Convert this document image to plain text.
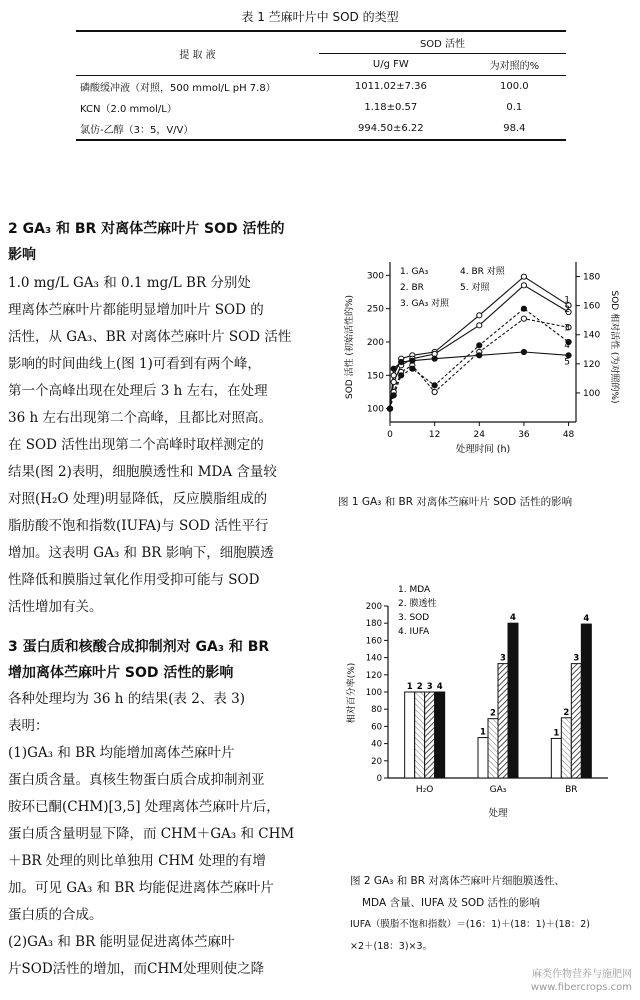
表 1 苎麻叶片中 SOD 的类型
提 取 液	SOD 活性	
	U/g FW	为对照的%
磷酸缓冲液（对照，500 mmol/L pH 7.8）	1011.02±7.36	100.0
KCN（2.0 mmol/L）	1.18±0.57	0.1
氯仿-乙醇（3：5，V/V）	994.50±6.22	98.4
2 GA₃ 和 BR 对离体苎麻叶片 SOD 活性的
影响
1.0 mg/L GA₃ 和 0.1 mg/L BR 分别处
理离体苎麻叶片都能明显增加叶片 SOD 的
活性，从 GA₃、BR 对离体苎麻叶片 SOD 活性
影响的时间曲线上(图 1)可看到有两个峰，
第一个高峰出现在处理后 3 h 左右，在处理
36 h 左右出现第二个高峰，且都比对照高。
在 SOD 活性出现第二个高峰时取样测定的
结果(图 2)表明，细胞膜透性和 MDA 含量较
对照(H₂O 处理)明显降低，反应膜脂组成的
脂肪酸不饱和指数(IUFA)与 SOD 活性平行
增加。这表明 GA₃ 和 BR 影响下，细胞膜透
性降低和膜脂过氧化作用受抑可能与 SOD
活性增加有关。
3 蛋白质和核酸合成抑制剂对 GA₃ 和 BR
增加离体苎麻叶片 SOD 活性的影响
各种处理均为 36 h 的结果(表 2、表 3)
表明：
(1)GA₃ 和 BR 均能增加离体苎麻叶片
蛋白质含量。真核生物蛋白质合成抑制剂亚
胺环已酮(CHM)[3,5] 处理离体苎麻叶片后，
蛋白质含量明显下降，而 CHM＋GA₃ 和 CHM
＋BR 处理的则比单独用 CHM 处理的有增
加。可见 GA₃ 和 BR 均能促进离体苎麻叶片
蛋白质的合成。
(2)GA₃ 和 BR 能明显促进离体苎麻叶
片SOD活性的增加，而CHM处理则使之降
0	12	24	36	48
100
150
200
250
300
100
120
140
160
180
1
2
3
4
5
SOD 活性 (初始活性的%)	SOD 相对活性 (为对照的%)
处理时间 (h)
1. GA₃
2. BR
3. GA₃ 对照
4. BR 对照
5. 对照
图 1 GA₃ 和 BR 对离体苎麻叶片 SOD 活性的影响
0
20
40
60
80
100
120
140
160
180
200
1 2 3 4
H₂O
1
2
3
4
GA₃
1
2
3
4
BR
相对百分率(%)
处理
1. MDA
2. 膜透性
3. SOD
4. IUFA
图 2 GA₃ 和 BR 对离体苎麻叶片细胞膜透性、
MDA 含量、IUFA 及 SOD 活性的影响
IUFA（膜脂不饱和指数）＝(16：1)＋(18：1)＋(18：2)
×2＋(18：3)×3。
麻类作物营养与施肥网
www.fibercrops.com
